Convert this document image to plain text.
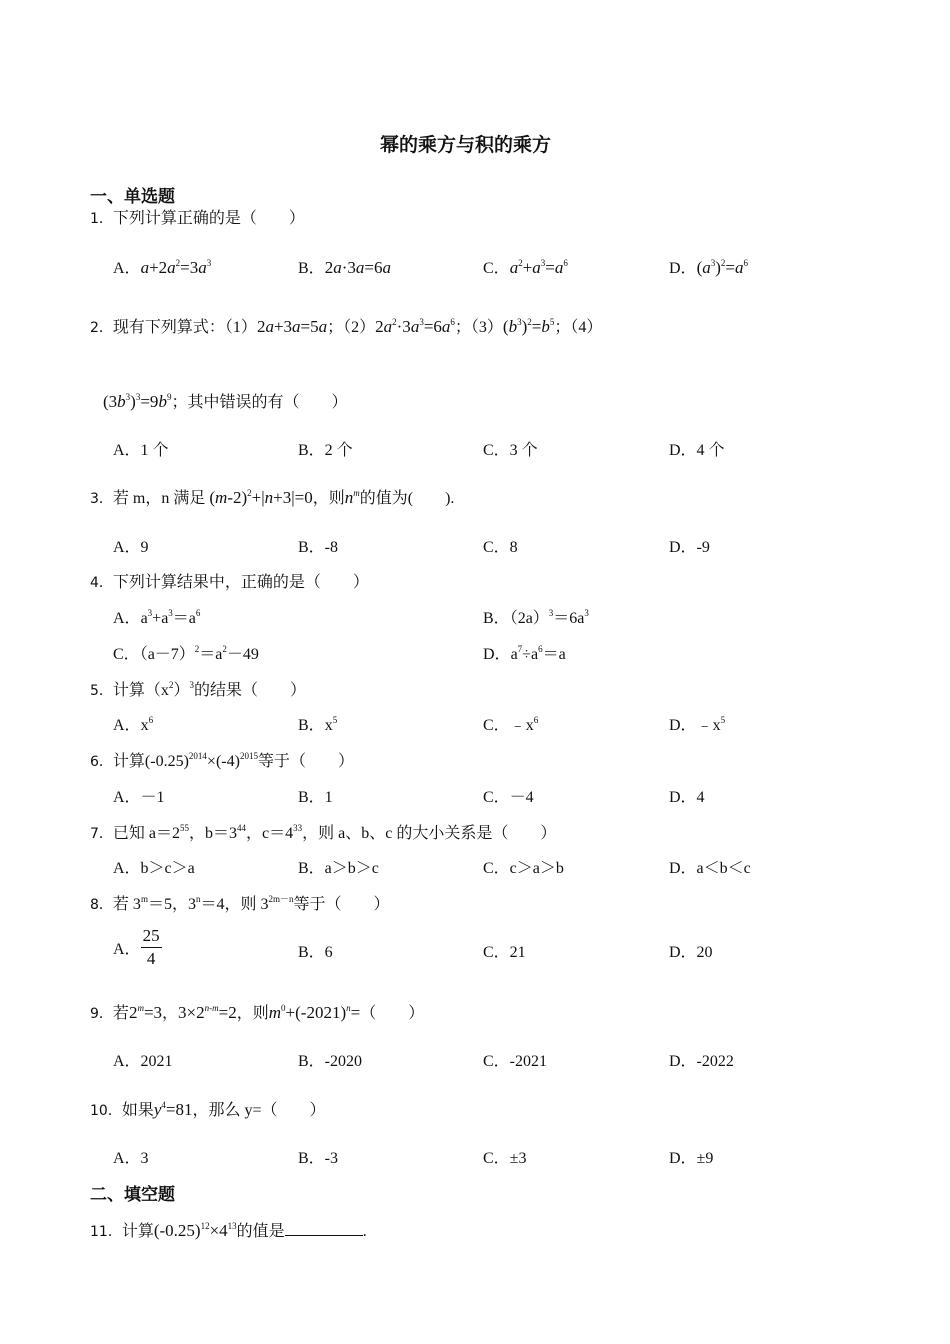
幂的乘方与积的乘方
一、单选题
1．下列计算正确的是（　　）
A．$a+2a^2=3a^3$	B．2a·3a=6a	C．$a^2+a^3=a^6$	D．$(a^3)^2=a^6$
2．现有下列算式：（1）2a+3a=5a；$(2)2a^2\cdot 3a^3=6a^6$；$(3)(b^3)^2=b^5$；（4）
$(3b^3)^3=9b^9$；其中错误的有（　　）
A．1 个	B．2 个	C．3 个	D．4 个
3．若 m，n 满足 $(m-2)^2+|n+3|=0$，则$n^m$的值为(　　).
A．9	B．-8	C．8	D．-9
4．下列计算结果中，正确的是（　　）
A．$a^3+a^3=a^6$	B．$(2a)^3=6a^3$
C．$(a-7)^2=a^2-49$	D．$a^7\div a^6=a$
5．计算$(x^2)^3$的结果（　　）
A．$x^6$	B．$x^5$	C．$﹣x^6$	D．$﹣x^5$
6．计算$(-0.25)^{2014}\times(-4)^{2015}$等于（　　）
A．－1	B．1	C．－4	D．4
7．已知 $a=2^{55}$，$b=3^{44}$，$c=4^{33}$，则 a、b、c 的大小关系是（　　）
A．b＞c＞a	B．a＞b＞c	C．c＞a＞b	D．a＜b＜c
8．若 $3^m=5$，$3^n=4$，则 $3^{2m-n}$等于（　　）
A． $\frac{25}{4}$	B．6	C．21	D．20
9．若$2^m=3$，$3\times 2^{n-m}=2$，则$m^0+(-2021)^n=$（　　）
A．2021	B．-2020	C．-2021	D．-2022
10．如果$y^4=81$，那么 y=（　　）
A．3	B．-3	C．±3	D．±9
二、填空题
11．计算$(-0.25)^{12}\times 4^{13}$的值是	.
